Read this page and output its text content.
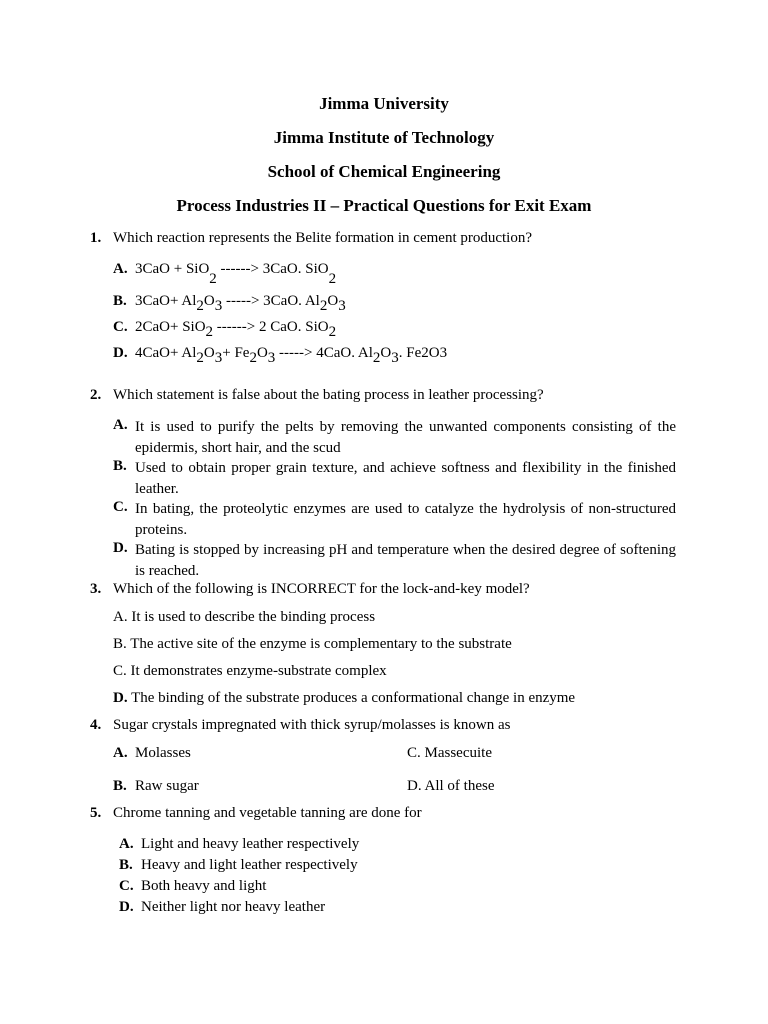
Jimma University
Jimma Institute of Technology
School of Chemical Engineering
Process Industries II – Practical Questions for Exit Exam
1. Which reaction represents the Belite formation in cement production?
A. 3CaO + SiO2 ------> 3CaO. SiO2
B. 3CaO+ Al2O3 -----> 3CaO. Al2O3
C. 2CaO+ SiO2 ------> 2 CaO. SiO2
D. 4CaO+ Al2O3+ Fe2O3 -----> 4CaO. Al2O3. Fe2O3
2. Which statement is false about the bating process in leather processing?
A. It is used to purify the pelts by removing the unwanted components consisting of the epidermis, short hair, and the scud
B. Used to obtain proper grain texture, and achieve softness and flexibility in the finished leather.
C. In bating, the proteolytic enzymes are used to catalyze the hydrolysis of non-structured proteins.
D. Bating is stopped by increasing pH and temperature when the desired degree of softening is reached.
3. Which of the following is INCORRECT for the lock-and-key model?
A. It is used to describe the binding process
B. The active site of the enzyme is complementary to the substrate
C. It demonstrates enzyme-substrate complex
D. The binding of the substrate produces a conformational change in enzyme
4. Sugar crystals impregnated with thick syrup/molasses is known as
A. Molasses	C. Massecuite
B. Raw sugar	D. All of these
5. Chrome tanning and vegetable tanning are done for
A. Light and heavy leather respectively
B. Heavy and light leather respectively
C. Both heavy and light
D. Neither light nor heavy leather
